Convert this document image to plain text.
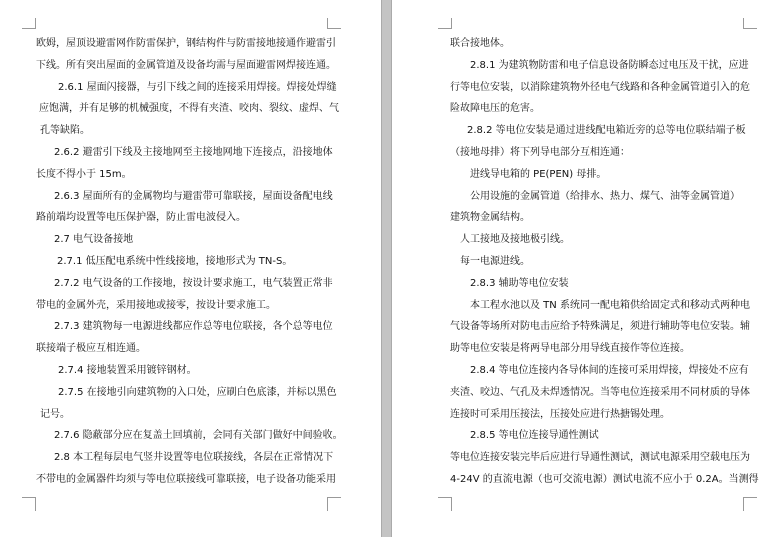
欧姆，屋顶设避雷网作防雷保护，钢结构件与防雷接地接通作避雷引
下线。所有突出屋面的金属管道及设备均需与屋面避雷网焊接连通。
2.6.1 屋面闪接器，与引下线之间的连接采用焊接。焊接处焊缝
应饱满，并有足够的机械强度，不得有夹渣、咬肉、裂纹、虚焊、气
孔等缺陷。
2.6.2 避雷引下线及主接地网至主接地网地下连接点，沿接地体
长度不得小于 15m。
2.6.3 屋面所有的金属物均与避雷带可靠联接，屋面设备配电线
路前端均设置等电压保护器，防止雷电波侵入。
2.7 电气设备接地
2.7.1 低压配电系统中性线接地，接地形式为 TN-S。
2.7.2 电气设备的工作接地，按设计要求施工，电气装置正常非
带电的金属外壳，采用接地或接零，按设计要求施工。
2.7.3 建筑物每一电源进线都应作总等电位联接，各个总等电位
联接端子极应互相连通。
2.7.4 接地装置采用镀锌钢材。
2.7.5 在接地引向建筑物的入口处，应刷白色底漆，并标以黑色
记号。
2.7.6 隐蔽部分应在复盖土回填前，会同有关部门做好中间验收。
2.8 本工程每层电气竖井设置等电位联接线，各层在正常情况下
不带电的金属器件均须与等电位联接线可靠联接，电子设备功能采用
联合接地体。
2.8.1 为建筑物防雷和电子信息设备防瞬态过电压及干扰，应进
行等电位安装，以消除建筑物外径电气线路和各种金属管道引入的危
险故障电压的危害。
2.8.2 等电位安装是通过进线配电箱近旁的总等电位联结端子板
（接地母排）将下列导电部分互相连通：
进线导电箱的 PE(PEN) 母排。
公用设施的金属管道（给排水、热力、煤气、油等金属管道）
建筑物金属结构。
人工接地及接地极引线。
每一电源进线。
2.8.3 辅助等电位安装
本工程水池以及 TN 系统同一配电箱供给固定式和移动式两种电
气设备等场所对防电击应给予特殊满足，须进行辅助等电位安装。辅
助等电位安装是将两导电部分用导线直接作等位连接。
2.8.4 等电位连接内各导体间的连接可采用焊接，焊接处不应有
夹渣、咬边、气孔及未焊透情况。当等电位连接采用不同材质的导体
连接时可采用压接法，压接处应进行热搪锡处理。
2.8.5 等电位连接导通性测试
等电位连接安装完毕后应进行导通性测试，测试电源采用空载电压为
4-24V 的直流电源（也可交流电源）测试电流不应小于 0.2A。当测得
